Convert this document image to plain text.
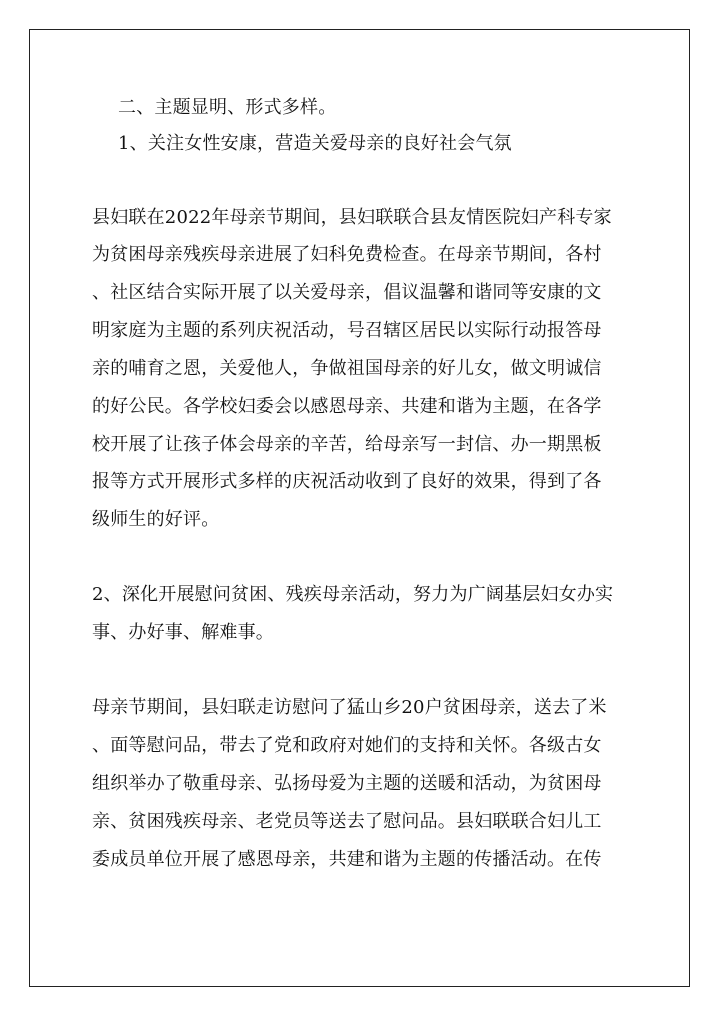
二、主题显明、形式多样。
1、关注女性安康，营造关爱母亲的良好社会气氛
县妇联在2022年母亲节期间，县妇联联合县友情医院妇产科专家
为贫困母亲残疾母亲进展了妇科免费检查。在母亲节期间，各村
、社区结合实际开展了以关爱母亲，倡议温馨和谐同等安康的文
明家庭为主题的系列庆祝活动，号召辖区居民以实际行动报答母
亲的哺育之恩，关爱他人，争做祖国母亲的好儿女，做文明诚信
的好公民。各学校妇委会以感恩母亲、共建和谐为主题，在各学
校开展了让孩子体会母亲的辛苦，给母亲写一封信、办一期黑板
报等方式开展形式多样的庆祝活动收到了良好的效果，得到了各
级师生的好评。
2、深化开展慰问贫困、残疾母亲活动，努力为广阔基层妇女办实
事、办好事、解难事。
母亲节期间，县妇联走访慰问了猛山乡20户贫困母亲，送去了米
、面等慰问品，带去了党和政府对她们的支持和关怀。各级古女
组织举办了敬重母亲、弘扬母爱为主题的送暖和活动，为贫困母
亲、贫困残疾母亲、老党员等送去了慰问品。县妇联联合妇儿工
委成员单位开展了感恩母亲，共建和谐为主题的传播活动。在传
